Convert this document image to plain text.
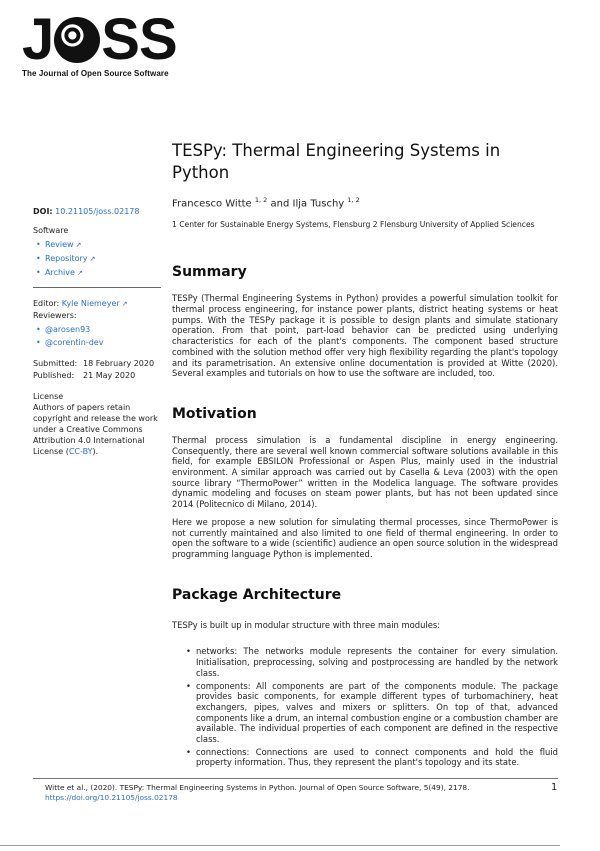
J S S
The Journal of Open Source Software
DOI: 10.21105/joss.02178
Software
• Review ↗
• Repository ↗
• Archive ↗
Editor: Kyle Niemeyer ↗
Reviewers:
• @arosen93
• @corentin-dev
Submitted: 18 February 2020
Published:	21 May 2020
License
Authors of papers retain copyright and release the work under a Creative Commons Attribution 4.0 International License (CC-BY).
TESPy: Thermal Engineering Systems in Python
Francesco Witte $^{1, 2}$ and Ilja Tuschy $^{1, 2}$
1 Center for Sustainable Energy Systems, Flensburg 2 Flensburg University of Applied Sciences
Summary

TESPy (Thermal Engineering Systems in Python) provides a powerful simulation toolkit for thermal process engineering, for instance power plants, district heating systems or heat pumps. With the TESPy package it is possible to design plants and simulate stationary operation. From that point, part-load behavior can be predicted using underlying characteristics for each of the plant's components. The component based structure combined with the solution method offer very high flexibility regarding the plant's topology and its parametrisation. An extensive online documentation is provided at Witte (2020). Several examples and tutorials on how to use the software are included, too.

Motivation

Thermal process simulation is a fundamental discipline in energy engineering. Consequently, there are several well known commercial software solutions available in this field, for example EBSILON Professional or Aspen Plus, mainly used in the industrial environment. A similar approach was carried out by Casella & Leva (2003) with the open source library “ThermoPower” written in the Modelica language. The software provides dynamic modeling and focuses on steam power plants, but has not been updated since 2014 (Politecnico di Milano, 2014).

Here we propose a new solution for simulating thermal processes, since ThermoPower is not currently maintained and also limited to one field of thermal engineering. In order to open the software to a wide (scientific) audience an open source solution in the widespread programming language Python is implemented.

Package Architecture

TESPy is built up in modular structure with three main modules:

• networks: The networks module represents the container for every simulation. Initialisation, preprocessing, solving and postprocessing are handled by the network class.
• components: All components are part of the components module. The package provides basic components, for example different types of turbomachinery, heat exchangers, pipes, valves and mixers or splitters. On top of that, advanced components like a drum, an internal combustion engine or a combustion chamber are available. The individual properties of each component are defined in the respective class.
• connections: Connections are used to connect components and hold the fluid property information. Thus, they represent the plant's topology and its state.
Witte et al., (2020). TESPy: Thermal Engineering Systems in Python. Journal of Open Source Software, 5(49), 2178. https://doi.org/10.21105/joss.02178
1
